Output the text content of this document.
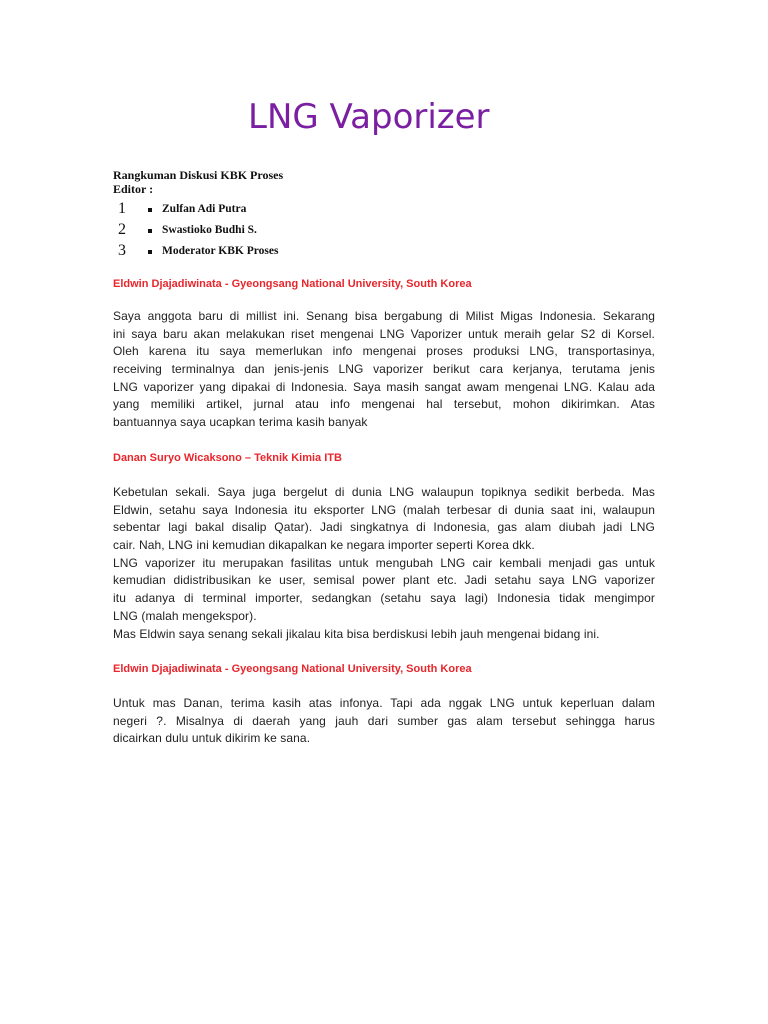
LNG Vaporizer
Rangkuman Diskusi KBK Proses
Editor :
1	Zulfan Adi Putra
2	Swastioko Budhi S.
3	Moderator KBK Proses
Eldwin Djajadiwinata - Gyeongsang National University, South Korea
Saya anggota baru di millist ini. Senang bisa bergabung di Milist Migas Indonesia. Sekarang
ini saya baru akan melakukan riset mengenai LNG Vaporizer untuk meraih gelar S2 di Korsel.
Oleh karena itu saya memerlukan info mengenai proses produksi LNG, transportasinya,
receiving terminalnya dan jenis-jenis LNG vaporizer berikut cara kerjanya, terutama jenis
LNG vaporizer yang dipakai di Indonesia. Saya masih sangat awam mengenai LNG. Kalau ada
yang memiliki artikel, jurnal atau info mengenai hal tersebut, mohon dikirimkan. Atas
bantuannya saya ucapkan terima kasih banyak
Danan Suryo Wicaksono – Teknik Kimia ITB
Kebetulan sekali. Saya juga bergelut di dunia LNG walaupun topiknya sedikit berbeda. Mas
Eldwin, setahu saya Indonesia itu eksporter LNG (malah terbesar di dunia saat ini, walaupun
sebentar lagi bakal disalip Qatar). Jadi singkatnya di Indonesia, gas alam diubah jadi LNG
cair. Nah, LNG ini kemudian dikapalkan ke negara importer seperti Korea dkk.
LNG vaporizer itu merupakan fasilitas untuk mengubah LNG cair kembali menjadi gas untuk
kemudian didistribusikan ke user, semisal power plant etc. Jadi setahu saya LNG vaporizer
itu adanya di terminal importer, sedangkan (setahu saya lagi) Indonesia tidak mengimpor
LNG (malah mengekspor).
Mas Eldwin saya senang sekali jikalau kita bisa berdiskusi lebih jauh mengenai bidang ini.
Eldwin Djajadiwinata - Gyeongsang National University, South Korea
Untuk mas Danan, terima kasih atas infonya. Tapi ada nggak LNG untuk keperluan dalam
negeri ?. Misalnya di daerah yang jauh dari sumber gas alam tersebut sehingga harus
dicairkan dulu untuk dikirim ke sana.
